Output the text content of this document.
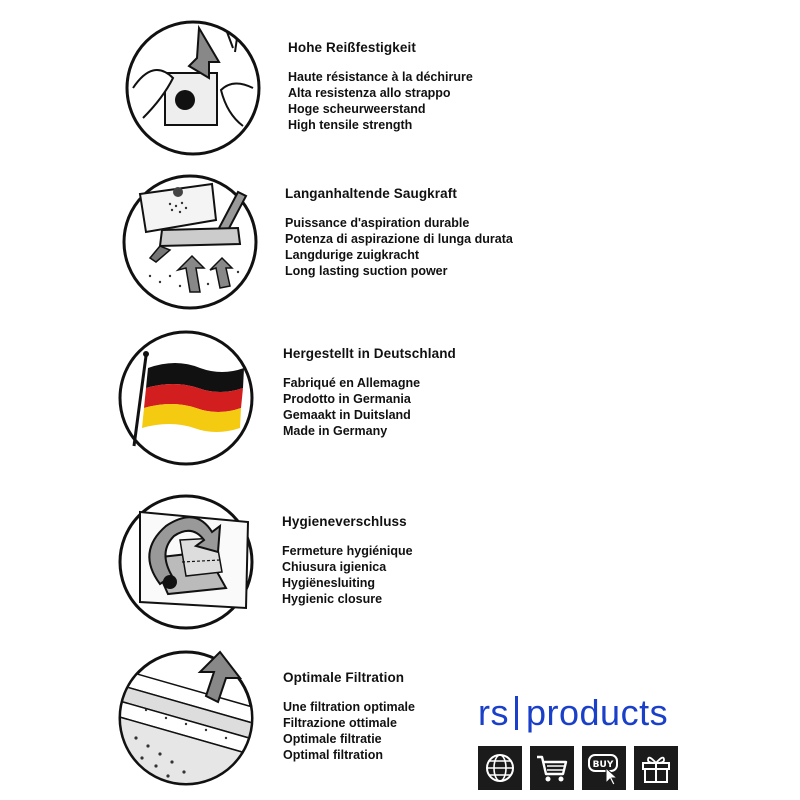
Hohe Reißfestigkeit
Haute résistance à la déchirure
Alta resistenza allo strappo
Hoge scheurweerstand
High tensile strength
Langanhaltende Saugkraft
Puissance d'aspiration durable
Potenza di aspirazione di lunga durata
Langdurige zuigkracht
Long lasting suction power
Hergestellt in Deutschland
Fabriqué en Allemagne
Prodotto in Germania
Gemaakt in Duitsland
Made in Germany
Hygieneverschluss
Fermeture hygiénique
Chiusura igienica
Hygiënesluiting
Hygienic closure
Optimale Filtration
Une filtration optimale
Filtrazione ottimale
Optimale filtratie
Optimal filtration
rs products
BUY
